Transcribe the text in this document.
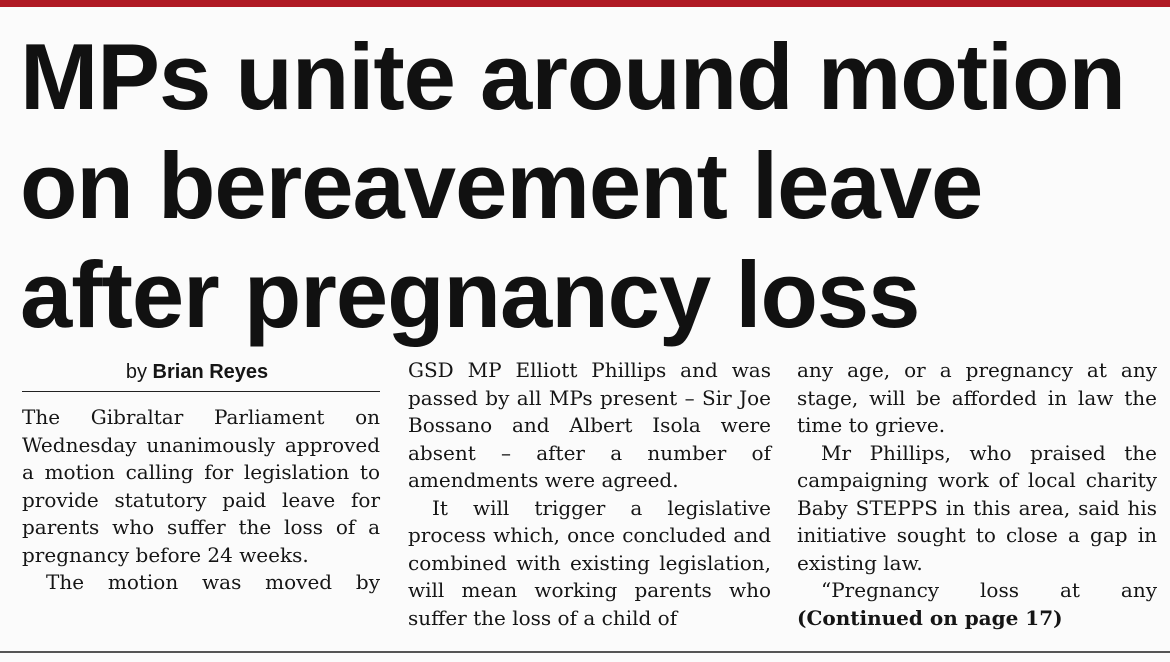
MPs unite around motion
on bereavement leave
after pregnancy loss
by Brian Reyes

The Gibraltar Parliament on Wednesday unanimously approved a motion calling for legislation to provide statutory paid leave for parents who suffer the loss of a pregnancy before 24 weeks.

The motion was moved by

GSD MP Elliott Phillips and was passed by all MPs present – Sir Joe Bossano and Albert Isola were absent – after a number of amendments were agreed.

It will trigger a legislative process which, once concluded and combined with existing legislation, will mean working parents who suffer the loss of a child of

any age, or a pregnancy at any stage, will be afforded in law the time to grieve.

Mr Phillips, who praised the campaigning work of local charity Baby STEPPS in this area, said his initiative sought to close a gap in existing law.

“Pregnancy loss at any

(Continued on page 17)
